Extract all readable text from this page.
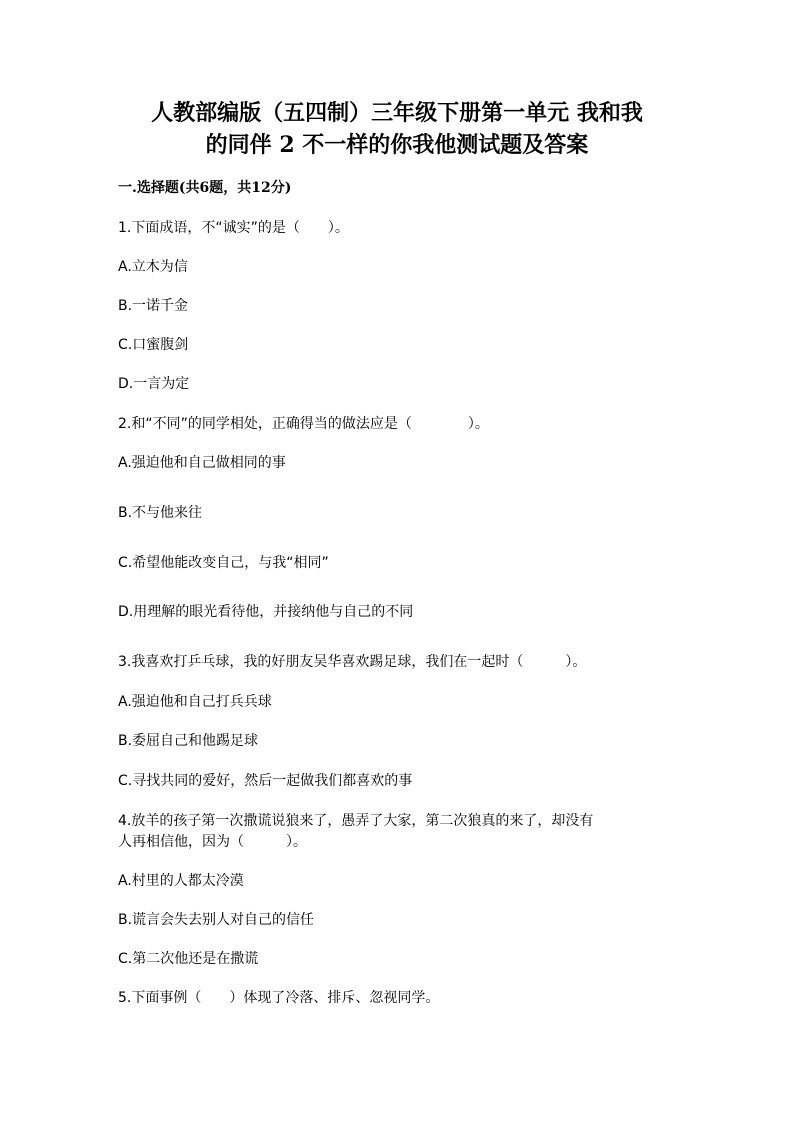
人教部编版（五四制）三年级下册第一单元 我和我
的同伴 2 不一样的你我他测试题及答案
一.选择题(共6题，共12分)
1.下面成语，不“诚实”的是（　　）。
A.立木为信
B.一诺千金
C.口蜜腹剑
D.一言为定
2.和“不同”的同学相处，正确得当的做法应是（　　　　）。
A.强迫他和自己做相同的事
B.不与他来往
C.希望他能改变自己，与我“相同”
D.用理解的眼光看待他，并接纳他与自己的不同
3.我喜欢打乒乓球，我的好朋友吴华喜欢踢足球，我们在一起时（　　　）。
A.强迫他和自己打兵兵球
B.委屈自己和他踢足球
C.寻找共同的爱好，然后一起做我们都喜欢的事
4.放羊的孩子第一次撒谎说狼来了，愚弄了大家，第二次狼真的来了，却没有
人再相信他，因为（　　　）。
A.村里的人都太冷漠
B.谎言会失去别人对自己的信任
C.第二次他还是在撒谎
5.下面事例（　　）体现了冷落、排斥、忽视同学。
